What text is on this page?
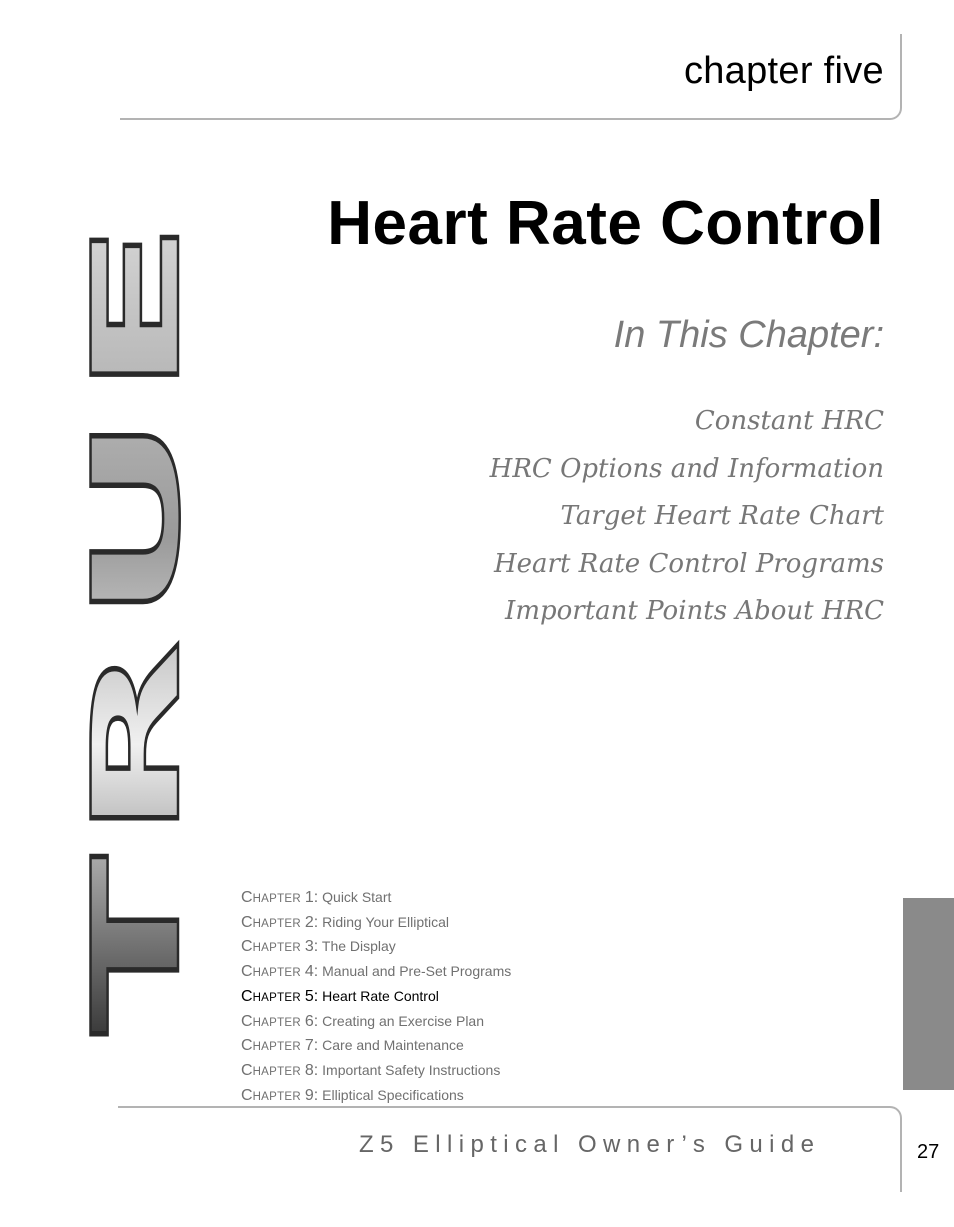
chapter five
Heart Rate Control
In This Chapter:
Constant HRC
HRC Options and Information
Target Heart Rate Chart
Heart Rate Control Programs
Important Points About HRC
TRUE CHAPTER 1: Quick Start
CHAPTER 2: Riding Your Elliptical
CHAPTER 3: The Display
CHAPTER 4: Manual and Pre-Set Programs
CHAPTER 5: Heart Rate Control
CHAPTER 6: Creating an Exercise Plan
CHAPTER 7: Care and Maintenance
CHAPTER 8: Important Safety Instructions
CHAPTER 9: Elliptical Specifications
Z5 Elliptical Owner’s Guide	27
